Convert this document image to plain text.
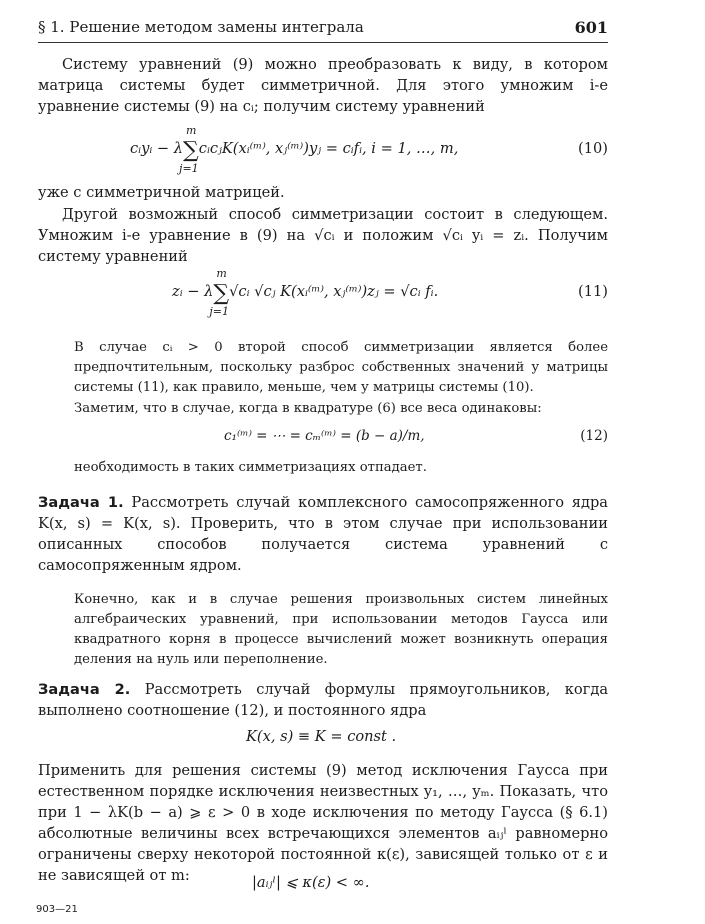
§ 1. Решение методом замены интеграла	601
Систему уравнений (9) можно преобразовать к виду, в котором матрица системы будет симметричной. Для этого умножим i-е уравнение системы (9) на cᵢ; получим систему уравнений
cᵢyᵢ − λ∑
m
j=1
cᵢcⱼK(xᵢ⁽ᵐ⁾, xⱼ⁽ᵐ⁾)yⱼ = cᵢfᵢ, i = 1, …, m,	(10)
уже с симметричной матрицей.
Другой возможный способ симметризации состоит в следующем. Умножим i-е уравнение в (9) на √cᵢ и положим √cᵢ yᵢ = zᵢ. Получим систему уравнений
zᵢ − λ∑
m
j=1
√cᵢ √cⱼ K(xᵢ⁽ᵐ⁾, xⱼ⁽ᵐ⁾)zⱼ = √cᵢ fᵢ.	(11)
В случае cᵢ > 0 второй способ симметризации является более предпочтительным, поскольку разброс собственных значений у матрицы системы (11), как правило, меньше, чем у матрицы системы (10).
Заметим, что в случае, когда в квадратуре (6) все веса одинаковы:
c₁⁽ᵐ⁾ = ⋯ = cₘ⁽ᵐ⁾ = (b − a)/m,	(12)
необходимость в таких симметризациях отпадает.
Задача 1. Рассмотреть случай комплексного самосопряженного ядра K(x, s) = K(x, s). Проверить, что в этом случае при использовании описанных способов получается система уравнений с самосопряженным ядром.
Конечно, как и в случае решения произвольных систем линейных алгебраических уравнений, при использовании методов Гаусса или квадратного корня в процессе вычислений может возникнуть операция деления на нуль или переполнение.
Задача 2. Рассмотреть случай формулы прямоугольников, когда выполнено соотношение (12), и постоянного ядра
K(x, s) ≡ K = const .
Применить для решения системы (9) метод исключения Гаусса при естественном порядке исключения неизвестных y₁, …, yₘ. Показать, что при 1 − λK(b − a) ⩾ ε > 0 в ходе исключения по методу Гаусса (§ 6.1) абсолютные величины всех встречающихся элементов aᵢⱼˡ равномерно ограничены сверху некоторой постоянной κ(ε), зависящей только от ε и не зависящей от m:	|aᵢⱼˡ| ⩽ κ(ε) < ∞.
903—21
